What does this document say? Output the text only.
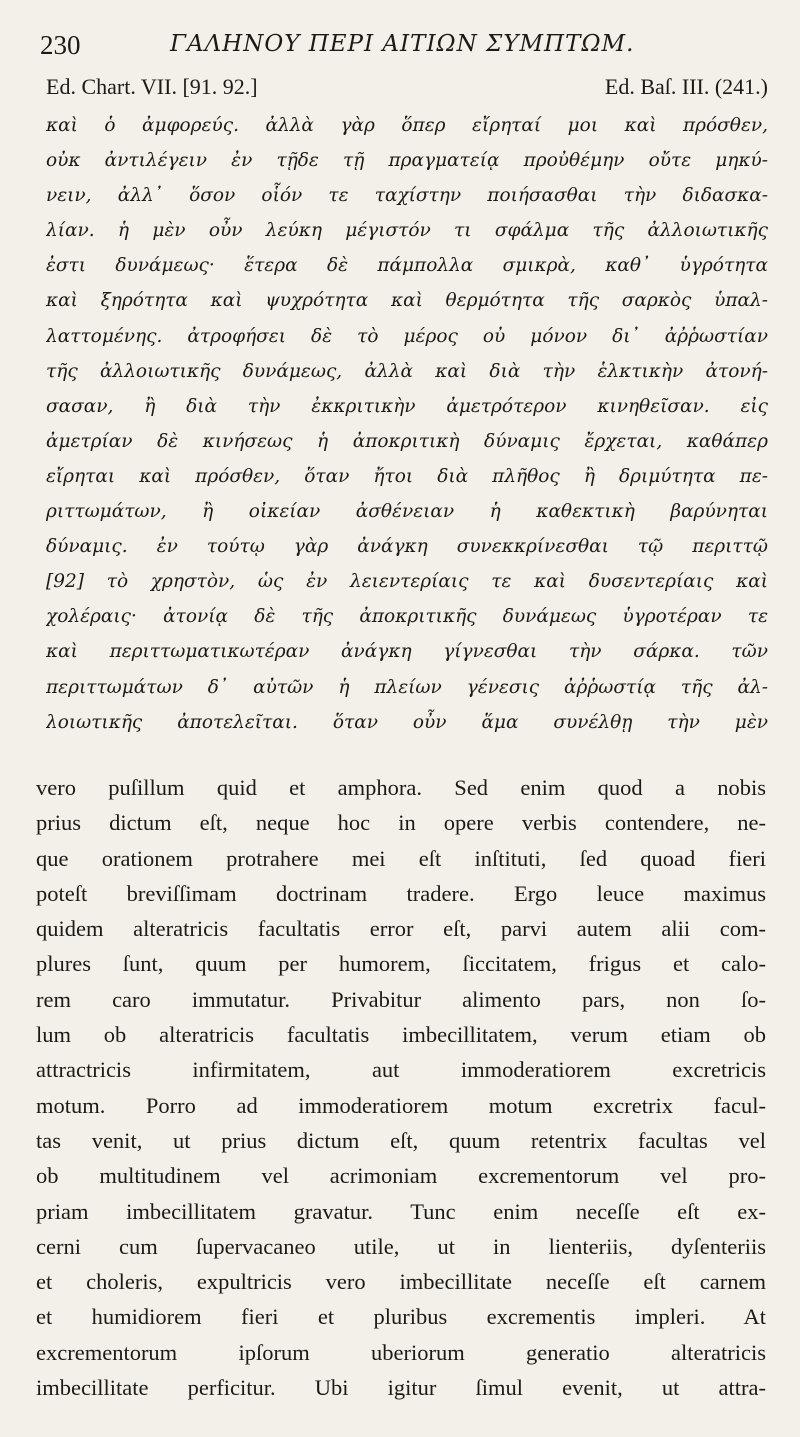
230	ΓΑΛΗΝΟΥ ΠΕΡΙ ΑΙΤΙΩΝ ΣΥΜΠΤΩΜ.
Ed. Chart. VII. [91. 92.]	Ed. Baſ. III. (241.)
καὶ ὁ ἀμφορεύς. ἀλλὰ γὰρ ὅπερ εἴρηταί μοι καὶ πρόσθεν,
οὐκ ἀντιλέγειν ἐν τῇδε τῇ πραγματείᾳ προὐθέμην οὔτε μηκύ-
νειν, ἀλλ᾽ ὅσον οἷόν τε ταχίστην ποιήσασθαι τὴν διδασκα-
λίαν. ἡ μὲν οὖν λεύκη μέγιστόν τι σφάλμα τῆς ἀλλοιωτικῆς
ἐστι δυνάμεως· ἕτερα δὲ πάμπολλα σμικρὰ, καθ᾽ ὑγρότητα
καὶ ξηρότητα καὶ ψυχρότητα καὶ θερμότητα τῆς σαρκὸς ὑπαλ-
λαττομένης. ἀτροφήσει δὲ τὸ μέρος οὐ μόνον δι᾽ ἀῤῥωστίαν
τῆς ἀλλοιωτικῆς δυνάμεως, ἀλλὰ καὶ διὰ τὴν ἑλκτικὴν ἀτονή-
σασαν, ἢ διὰ τὴν ἐκκριτικὴν ἀμετρότερον κινηθεῖσαν. εἰς
ἀμετρίαν δὲ κινήσεως ἡ ἀποκριτικὴ δύναμις ἔρχεται, καθάπερ
εἴρηται καὶ πρόσθεν, ὅταν ἤτοι διὰ πλῆθος ἢ δριμύτητα πε-
ριττωμάτων, ἢ οἰκείαν ἀσθένειαν ἡ καθεκτικὴ βαρύνηται
δύναμις. ἐν τούτῳ γὰρ ἀνάγκη συνεκκρίνεσθαι τῷ περιττῷ
[92] τὸ χρηστὸν, ὡς ἐν λειεντερίαις τε καὶ δυσεντερίαις καὶ
χολέραις· ἀτονίᾳ δὲ τῆς ἀποκριτικῆς δυνάμεως ὑγροτέραν τε
καὶ περιττωματικωτέραν ἀνάγκη γίγνεσθαι τὴν σάρκα. τῶν
περιττωμάτων δ᾽ αὐτῶν ἡ πλείων γένεσις ἀῤῥωστίᾳ τῆς ἀλ-
λοιωτικῆς ἀποτελεῖται. ὅταν οὖν ἅμα συνέλθῃ τὴν μὲν
vero puſillum quid et amphora. Sed enim quod a nobis
prius dictum eſt, neque hoc in opere verbis contendere, ne-
que orationem protrahere mei eſt inſtituti, ſed quoad fieri
poteſt breviſſimam doctrinam tradere. Ergo leuce maximus
quidem alteratricis facultatis error eſt, parvi autem alii com-
plures ſunt, quum per humorem, ſiccitatem, frigus et calo-
rem caro immutatur. Privabitur alimento pars, non ſo-
lum ob alteratricis facultatis imbecillitatem, verum etiam ob
attractricis infirmitatem, aut immoderatiorem excretricis
motum. Porro ad immoderatiorem motum excretrix facul-
tas venit, ut prius dictum eſt, quum retentrix facultas vel
ob multitudinem vel acrimoniam excrementorum vel pro-
priam imbecillitatem gravatur. Tunc enim neceſſe eſt ex-
cerni cum ſupervacaneo utile, ut in lienteriis, dyſenteriis
et choleris, expultricis vero imbecillitate neceſſe eſt carnem
et humidiorem fieri et pluribus excrementis impleri. At
excrementorum ipſorum uberiorum generatio alteratricis
imbecillitate perficitur. Ubi igitur ſimul evenit, ut attra-
